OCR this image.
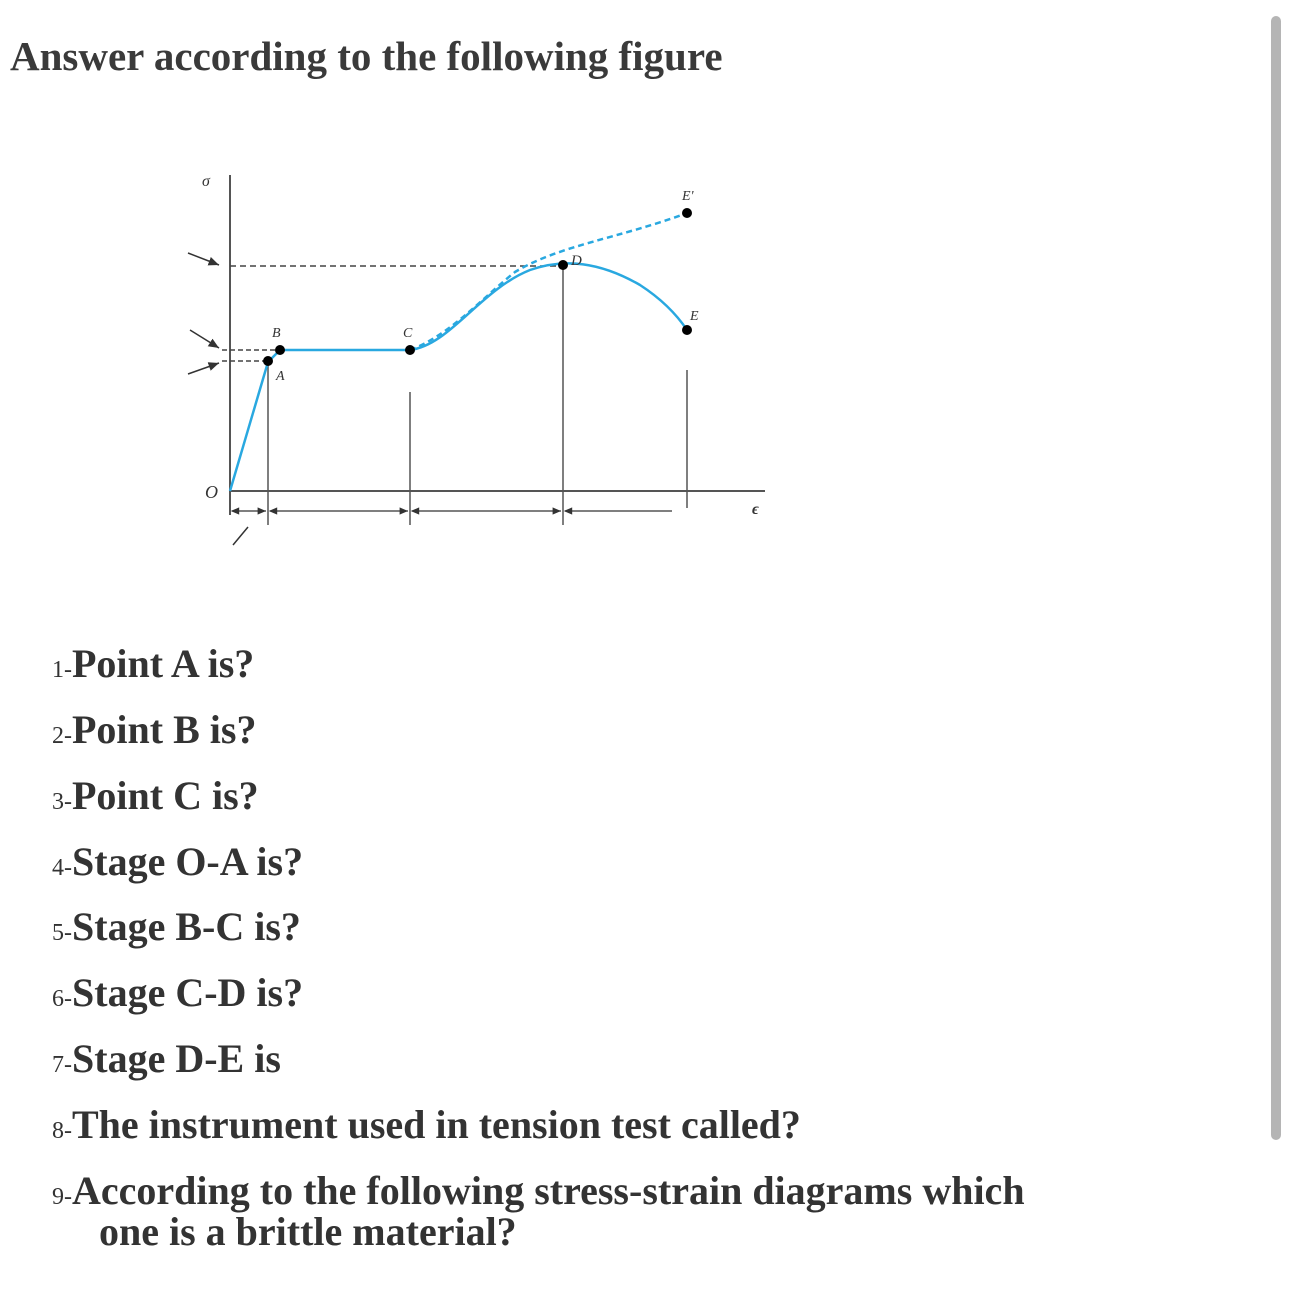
Answer according to the following figure
σ
ϵ
O
A
B	C
D
E
E'
1-Point A is?
2-Point B is?
3-Point C is?
4-Stage O-A is?
5-Stage B-C is?
6-Stage C-D is?
7-Stage D-E is
8-The instrument used in tension test called?
9-According to the following stress-strain diagrams which
one is a brittle material?
